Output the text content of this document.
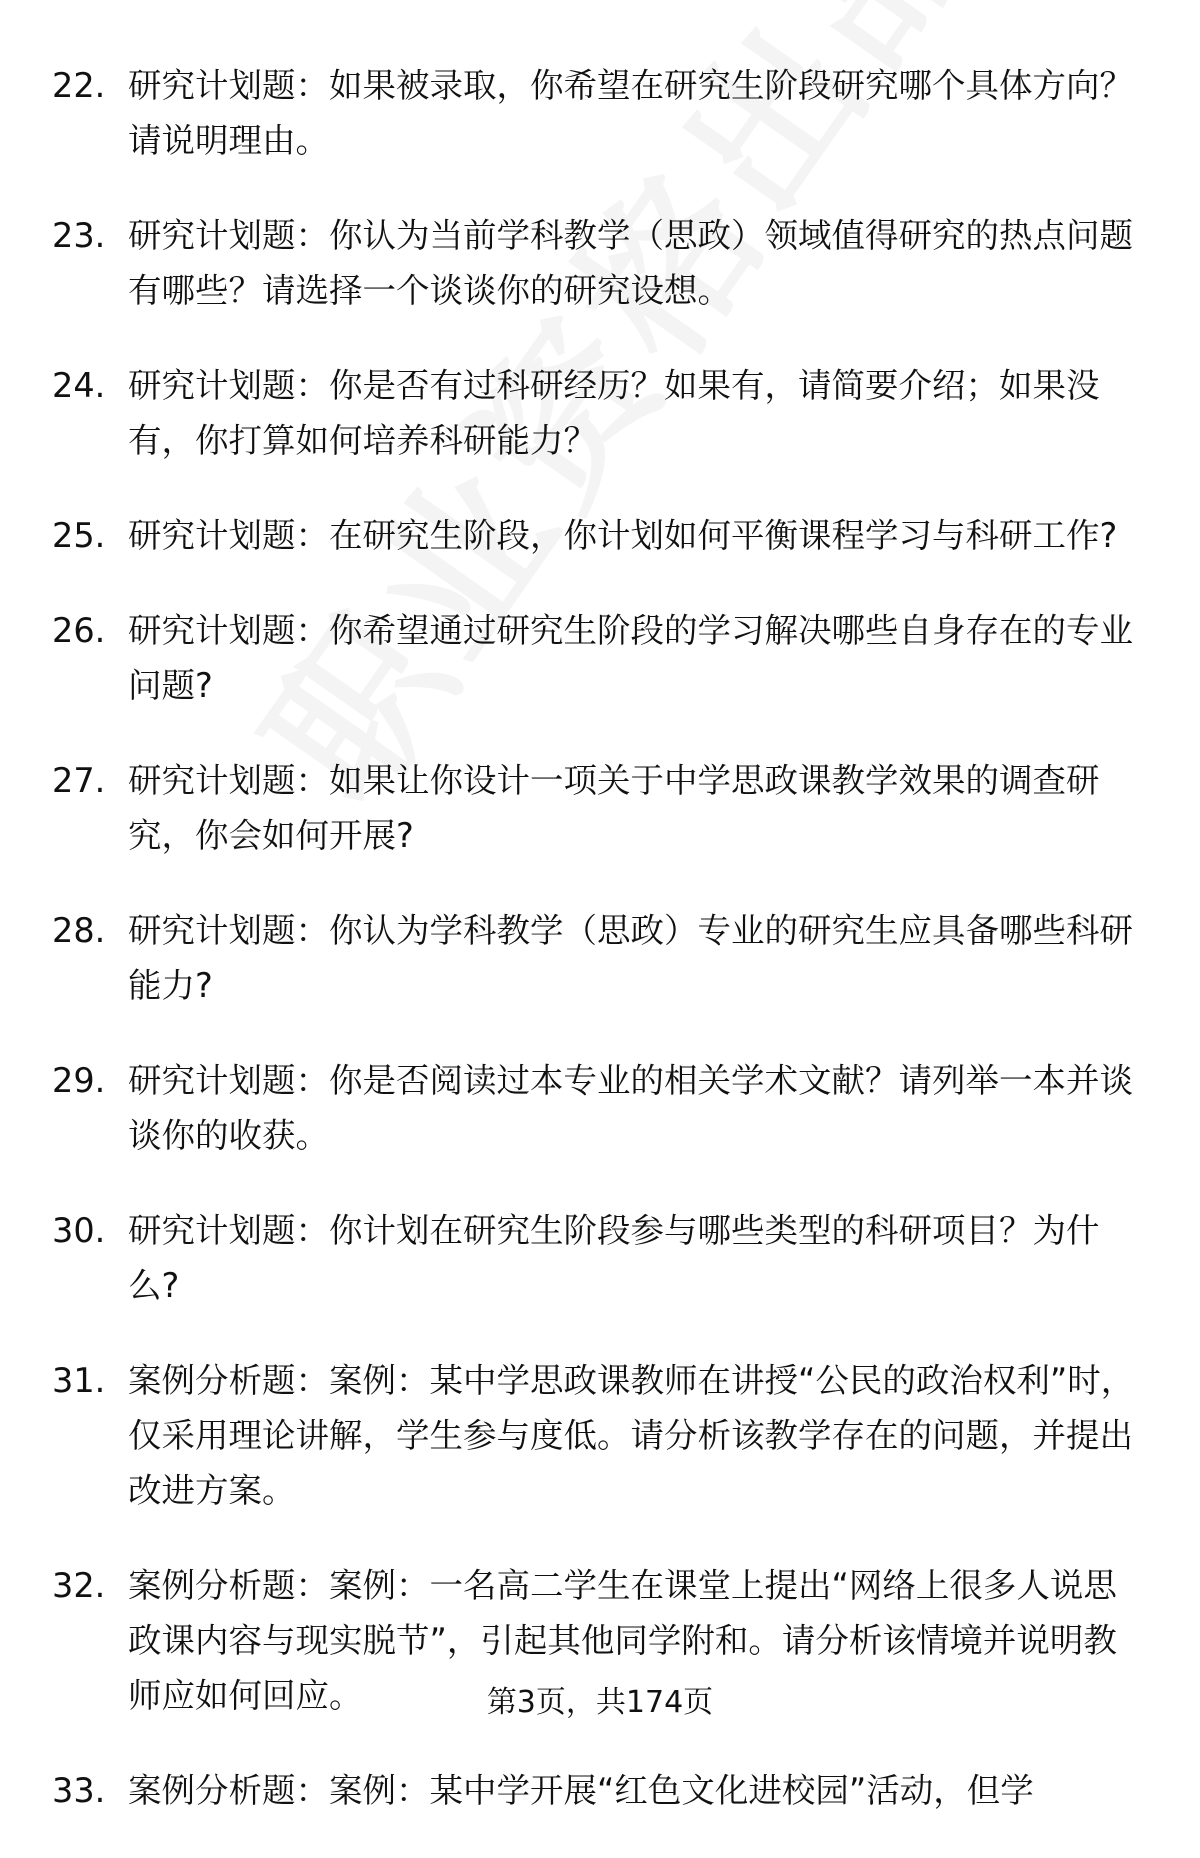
22. 研究计划题：如果被录取，你希望在研究生阶段研究哪个具体方向？请说明理由。
23. 研究计划题：你认为当前学科教学（思政）领域值得研究的热点问题有哪些？请选择一个谈谈你的研究设想。
24. 研究计划题：你是否有过科研经历？如果有，请简要介绍；如果没有，你打算如何培养科研能力？
25. 研究计划题：在研究生阶段，你计划如何平衡课程学习与科研工作?
26. 研究计划题：你希望通过研究生阶段的学习解决哪些自身存在的专业问题?
27. 研究计划题：如果让你设计一项关于中学思政课教学效果的调查研究，你会如何开展?
28. 研究计划题：你认为学科教学（思政）专业的研究生应具备哪些科研能力?
29. 研究计划题：你是否阅读过本专业的相关学术文献？请列举一本并谈谈你的收获。
30. 研究计划题：你计划在研究生阶段参与哪些类型的科研项目？为什么?
31. 案例分析题：案例：某中学思政课教师在讲授“公民的政治权利”时，仅采用理论讲解，学生参与度低。请分析该教学存在的问题，并提出改进方案。
32. 案例分析题：案例：一名高二学生在课堂上提出“网络上很多人说思政课内容与现实脱节”，引起其他同学附和。请分析该情境并说明教师应如何回应。
33. 案例分析题：案例：某中学开展“红色文化进校园”活动，但学
第3页，共174页
